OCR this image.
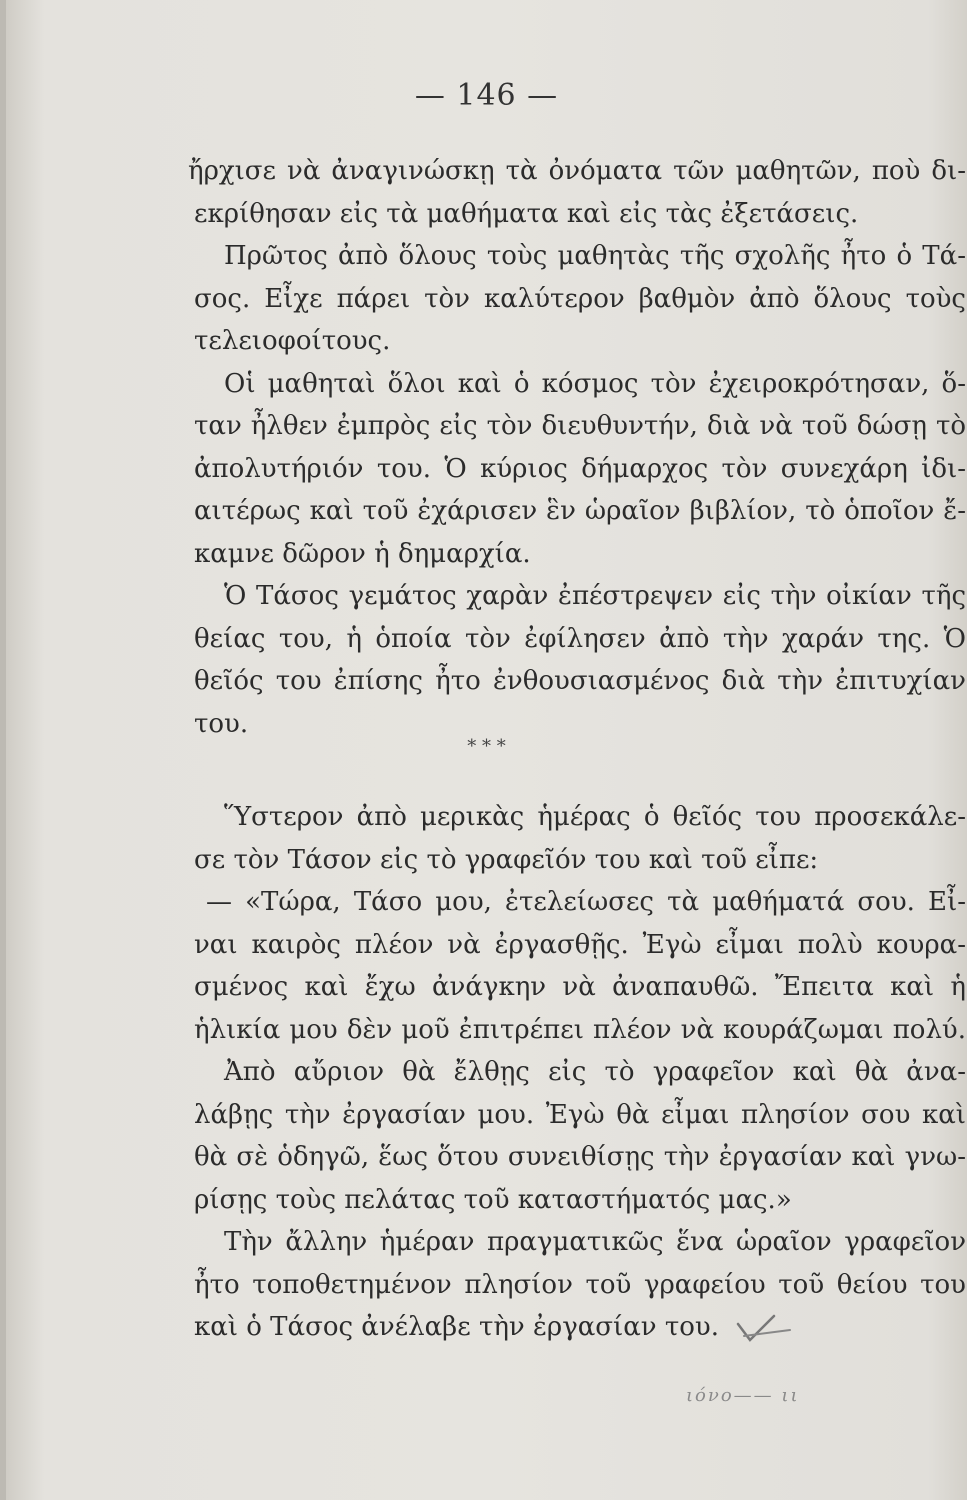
— 146 —
ἤρχισε νὰ ἀναγινώσκῃ τὰ ὀνόματα τῶν μαθητῶν, ποὺ δι-
εκρίθησαν εἰς τὰ μαθήματα καὶ εἰς τὰς ἐξετάσεις.
Πρῶτος ἀπὸ ὅλους τοὺς μαθητὰς τῆς σχολῆς ἦτο ὁ Τά-
σος. Εἶχε πάρει τὸν καλύτερον βαθμὸν ἀπὸ ὅλους τοὺς
τελειοφοίτους.
Οἱ μαθηταὶ ὅλοι καὶ ὁ κόσμος τὸν ἐχειροκρότησαν, ὅ-
ταν ἦλθεν ἐμπρὸς εἰς τὸν διευθυντήν, διὰ νὰ τοῦ δώσῃ τὸ
ἀπολυτήριόν του. Ὁ κύριος δήμαρχος τὸν συνεχάρη ἰδι-
αιτέρως καὶ τοῦ ἐχάρισεν ἓν ὡραῖον βιβλίον, τὸ ὁποῖον ἔ-
καμνε δῶρον ἡ δημαρχία.
Ὁ Τάσος γεμάτος χαρὰν ἐπέστρεψεν εἰς τὴν οἰκίαν τῆς
θείας του, ἡ ὁποία τὸν ἐφίλησεν ἀπὸ τὴν χαράν της. Ὁ
θεῖός του ἐπίσης ἦτο ἐνθουσιασμένος διὰ τὴν ἐπιτυχίαν
του.
* * *
Ὕστερον ἀπὸ μερικὰς ἡμέρας ὁ θεῖός του προσεκάλε-
σε τὸν Τάσον εἰς τὸ γραφεῖόν του καὶ τοῦ εἶπε:
— «Τώρα, Τάσο μου, ἐτελείωσες τὰ μαθήματά σου. Εἶ-
ναι καιρὸς πλέον νὰ ἐργασθῇς. Ἐγὼ εἶμαι πολὺ κουρα-
σμένος καὶ ἔχω ἀνάγκην νὰ ἀναπαυθῶ. Ἔπειτα καὶ ἡ
ἡλικία μου δὲν μοῦ ἐπιτρέπει πλέον νὰ κουράζωμαι πολύ.
Ἀπὸ αὔριον θὰ ἔλθῃς εἰς τὸ γραφεῖον καὶ θὰ ἀνα-
λάβῃς τὴν ἐργασίαν μου. Ἐγὼ θὰ εἶμαι πλησίον σου καὶ
θὰ σὲ ὁδηγῶ, ἕως ὅτου συνειθίσῃς τὴν ἐργασίαν καὶ γνω-
ρίσῃς τοὺς πελάτας τοῦ καταστήματός μας.»
Τὴν ἄλλην ἡμέραν πραγματικῶς ἕνα ὡραῖον γραφεῖον
ἦτο τοποθετημένον πλησίον τοῦ γραφείου τοῦ θείου του
καὶ ὁ Τάσος ἀνέλαβε τὴν ἐργασίαν του.
ιόνο—— ιι
